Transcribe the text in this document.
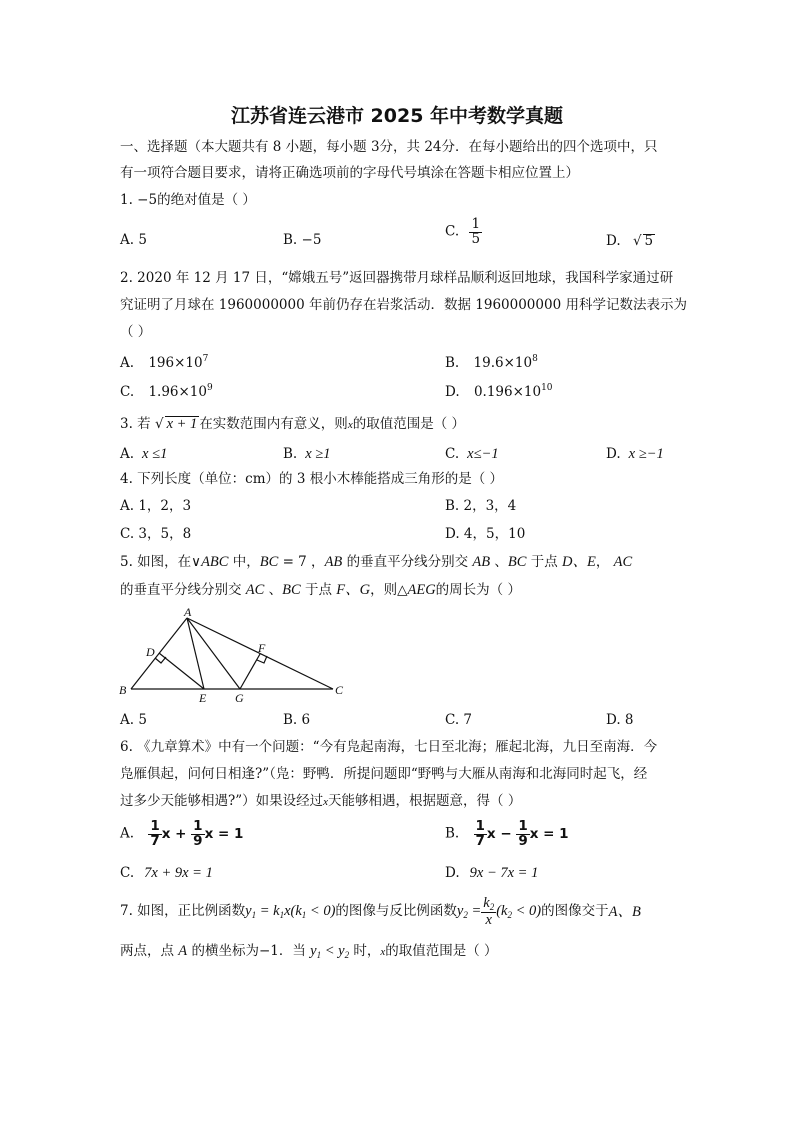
江苏省连云港市 2025 年中考数学真题
一、选择题（本大题共有 8 小题，每小题 3分，共 24分．在每小题给出的四个选项中，只
有一项符合题目要求，请将正确选项前的字母代号填涂在答题卡相应位置上）
1. −5的绝对值是（ ）
A. 5	B. −5
C. $\frac{1}{5}$	D. √ 5
2. 2020 年 12 月 17 日，“嫦娥五号”返回器携带月球样品顺利返回地球，我国科学家通过研
究证明了月球在 1960000000 年前仍存在岩浆活动．数据 1960000000 用科学记数法表示为
（ ）
A. $196\times 10^7$	B. $19.6\times 10^8$
C. $1.96\times 10^9$	D. $0.196\times 10^{10}$
3. 若 √ x + 1 在实数范围内有意义，则x的取值范围是（ ）
A. x ≤1	B. x ≥1	C. x≤−1	D. x ≥−1
4. 下列长度（单位：cm）的 3 根小木棒能搭成三角形的是（ ）
A. 1，2，3	B. 2，3，4
C. 3，5，8	D. 4，5，10
5. 如图，在∨ABC 中，BC = 7 ，AB 的垂直平分线分别交 AB 、BC 于点 D、E， AC
的垂直平分线分别交 AC 、BC 于点 F、G，则△AEG的周长为（ ）
A
B	C
D
E
F
G
A. 5	B. 6	C. 7	D. 8
6. 《九章算术》中有一个问题：“今有凫起南海，七日至北海；雁起北海，九日至南海．今
凫雁俱起，问何日相逢?”（凫：野鸭．所提问题即“野鸭与大雁从南海和北海同时起飞，经
过多少天能够相遇?”）如果设经过x天能够相遇，根据题意，得（ ）
A. $\frac{1}{7}$ $x + \frac{1}{9}$ x = 1	B. $\frac{1}{7}$ $x - \frac{1}{9}$ x = 1
C. 7x + 9x = 1	D. 9x − 7x = 1
7. 如图，正比例函数 $y_1 = k_1x(k_1 < 0)$ 的图像与反比例函数 $y_2 = \frac{k_2}{x} (k_2 < 0)$ 的图像交于 A、B
两点，点 A 的横坐标为−1．当 $y_1 < y_2$ 时，x的取值范围是（ ）
